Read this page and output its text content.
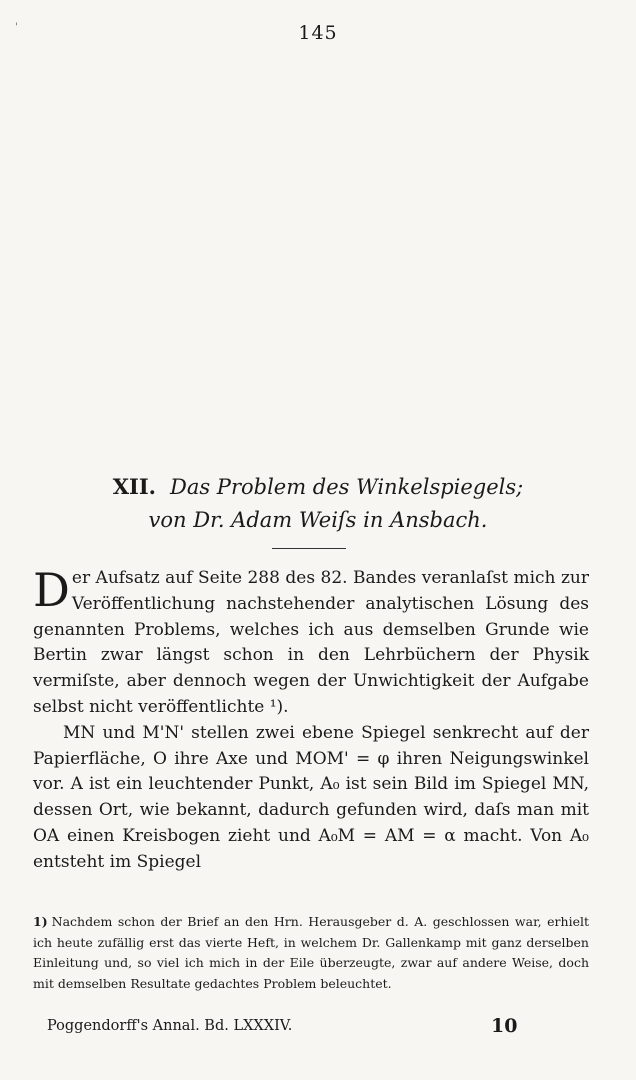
'	145
XII. Das Problem des Winkelspiegels;
von Dr. Adam Weiſs in Ansbach.

Der Aufsatz auf Seite 288 des 82. Bandes veranlaſst mich zur Veröffentlichung nachstehender analytischen Lösung des genannten Problems, welches ich aus demselben Grunde wie Bertin zwar längst schon in den Lehrbüchern der Physik vermiſste, aber dennoch wegen der Unwichtigkeit der Aufgabe selbst nicht veröffentlichte ¹).

MN und M'N' stellen zwei ebene Spiegel senkrecht auf der Papierfläche, O ihre Axe und MOM' = φ ihren Neigungswinkel vor. A ist ein leuchtender Punkt, A₀ ist sein Bild im Spiegel MN, dessen Ort, wie bekannt, dadurch gefunden wird, daſs man mit OA einen Kreisbogen zieht und A₀M = AM = α macht. Von A₀ entsteht im Spiegel

1) Nachdem schon der Brief an den Hrn. Herausgeber d. A. geschlossen war, erhielt ich heute zufällig erst das vierte Heft, in welchem Dr. Gallenkamp mit ganz derselben Einleitung und, so viel ich mich in der Eile überzeugte, zwar auf andere Weise, doch mit demselben Resultate gedachtes Problem beleuchtet.
Poggendorff's Annal. Bd. LXXXIV.	10
